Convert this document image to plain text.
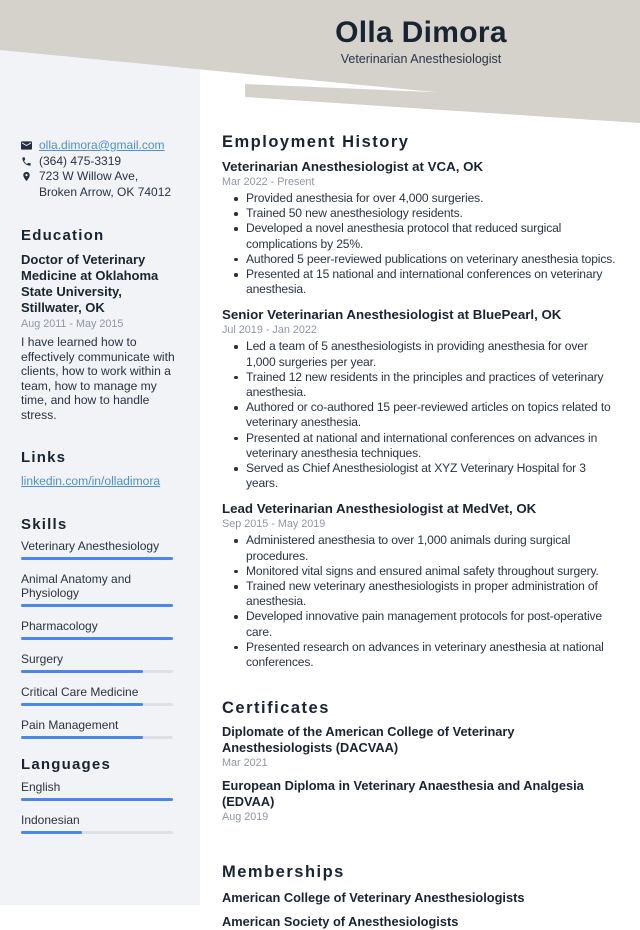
Olla Dimora
Veterinarian Anesthesiologist
olla.dimora@gmail.com
(364) 475-3319
723 W Willow Ave, Broken Arrow, OK 74012
Education
Doctor of Veterinary Medicine at Oklahoma State University, Stillwater, OK
Aug 2011 - May 2015
I have learned how to effectively communicate with clients, how to work within a team, how to manage my time, and how to handle stress.
Links
linkedin.com/in/olladimora
Skills
Veterinary Anesthesiology
Animal Anatomy and Physiology
Pharmacology
Surgery
Critical Care Medicine
Pain Management
Languages
English
Indonesian
Employment History
Veterinarian Anesthesiologist at VCA, OK
Mar 2022 - Present
Provided anesthesia for over 4,000 surgeries.
Trained 50 new anesthesiology residents.
Developed a novel anesthesia protocol that reduced surgical complications by 25%.
Authored 5 peer-reviewed publications on veterinary anesthesia topics.
Presented at 15 national and international conferences on veterinary anesthesia.
Senior Veterinarian Anesthesiologist at BluePearl, OK
Jul 2019 - Jan 2022
Led a team of 5 anesthesiologists in providing anesthesia for over 1,000 surgeries per year.
Trained 12 new residents in the principles and practices of veterinary anesthesia.
Authored or co-authored 15 peer-reviewed articles on topics related to veterinary anesthesia.
Presented at national and international conferences on advances in veterinary anesthesia techniques.
Served as Chief Anesthesiologist at XYZ Veterinary Hospital for 3 years.
Lead Veterinarian Anesthesiologist at MedVet, OK
Sep 2015 - May 2019
Administered anesthesia to over 1,000 animals during surgical procedures.
Monitored vital signs and ensured animal safety throughout surgery.
Trained new veterinary anesthesiologists in proper administration of anesthesia.
Developed innovative pain management protocols for post-operative care.
Presented research on advances in veterinary anesthesia at national conferences.
Certificates
Diplomate of the American College of Veterinary Anesthesiologists (DACVAA)
Mar 2021
European Diploma in Veterinary Anaesthesia and Analgesia (EDVAA)
Aug 2019
Memberships
American College of Veterinary Anesthesiologists
American Society of Anesthesiologists
